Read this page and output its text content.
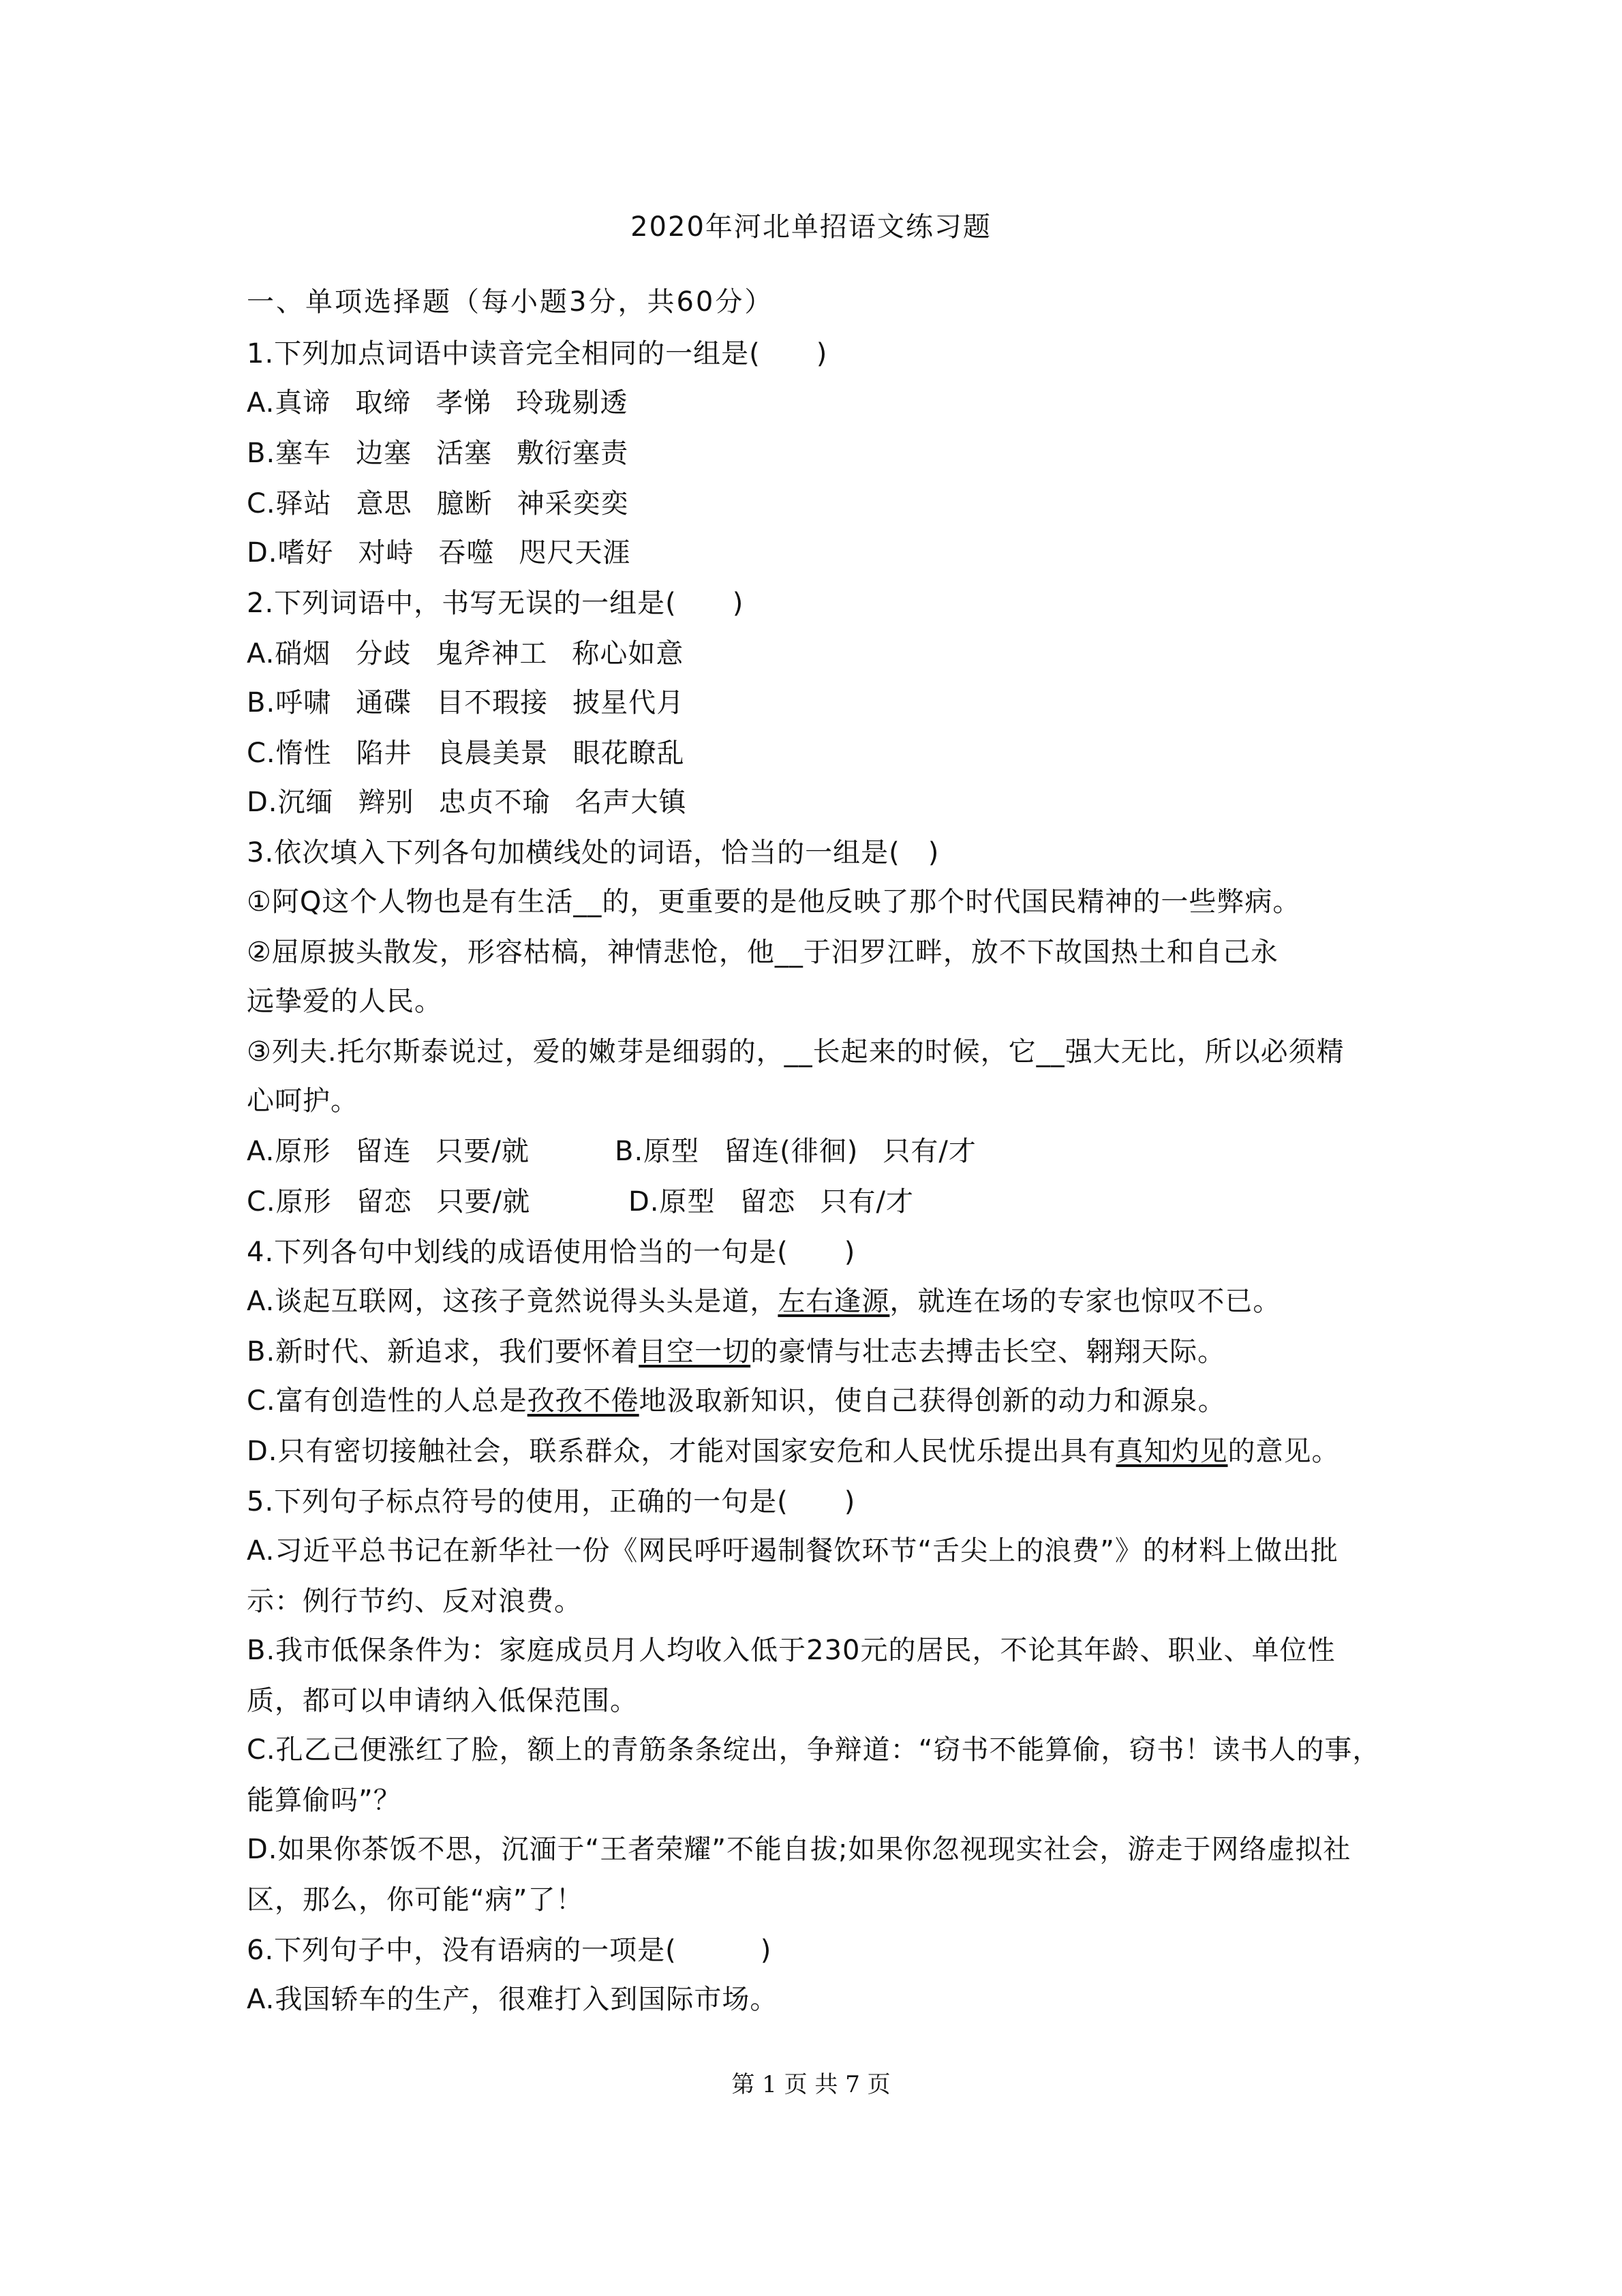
2020年河北单招语文练习题
一、单项选择题（每小题3分，共60分）
1.下列加点词语中读音完全相同的一组是(　　)
A.真谛 取缔 孝悌 玲珑剔透
B.塞车 边塞 活塞 敷衍塞责
C.驿站 意思 臆断 神采奕奕
D.嗜好 对峙 吞噬 咫尺天涯
2.下列词语中，书写无误的一组是(　　)
A.硝烟 分歧 鬼斧神工 称心如意
B.呼啸 通碟 目不瑕接 披星代月
C.惰性 陷井 良晨美景 眼花瞭乱
D.沉缅 辫别 忠贞不瑜 名声大镇
3.依次填入下列各句加横线处的词语，恰当的一组是(　)
①阿Q这个人物也是有生活__的，更重要的是他反映了那个时代国民精神的一些弊病。
②屈原披头散发，形容枯槁，神情悲怆，他__于汨罗江畔，放不下故国热土和自己永
远挚爱的人民。
③列夫.托尔斯泰说过，爱的嫩芽是细弱的，__长起来的时候，它__强大无比，所以必须精
心呵护。
A.原形 留连 只要/就	B.原型 留连(徘徊) 只有/才
C.原形 留恋 只要/就	D.原型 留恋 只有/才
4.下列各句中划线的成语使用恰当的一句是(　　)
A.谈起互联网，这孩子竟然说得头头是道，左右逢源，就连在场的专家也惊叹不已。
B.新时代、新追求，我们要怀着目空一切的豪情与壮志去搏击长空、翱翔天际。
C.富有创造性的人总是孜孜不倦地汲取新知识，使自己获得创新的动力和源泉。
D.只有密切接触社会，联系群众，才能对国家安危和人民忧乐提出具有真知灼见的意见。
5.下列句子标点符号的使用，正确的一句是(　　)
A.习近平总书记在新华社一份《网民呼吁遏制餐饮环节“舌尖上的浪费”》的材料上做出批
示：例行节约、反对浪费。
B.我市低保条件为：家庭成员月人均收入低于230元的居民，不论其年龄、职业、单位性
质，都可以申请纳入低保范围。
C.孔乙己便涨红了脸，额上的青筋条条绽出，争辩道：“窃书不能算偷，窃书！读书人的事，
能算偷吗”？
D.如果你茶饭不思，沉湎于“王者荣耀”不能自拔;如果你忽视现实社会，游走于网络虚拟社
区，那么，你可能“病”了！
6.下列句子中，没有语病的一项是(　　　)
A.我国轿车的生产，很难打入到国际市场。
第 1 页 共 7 页
